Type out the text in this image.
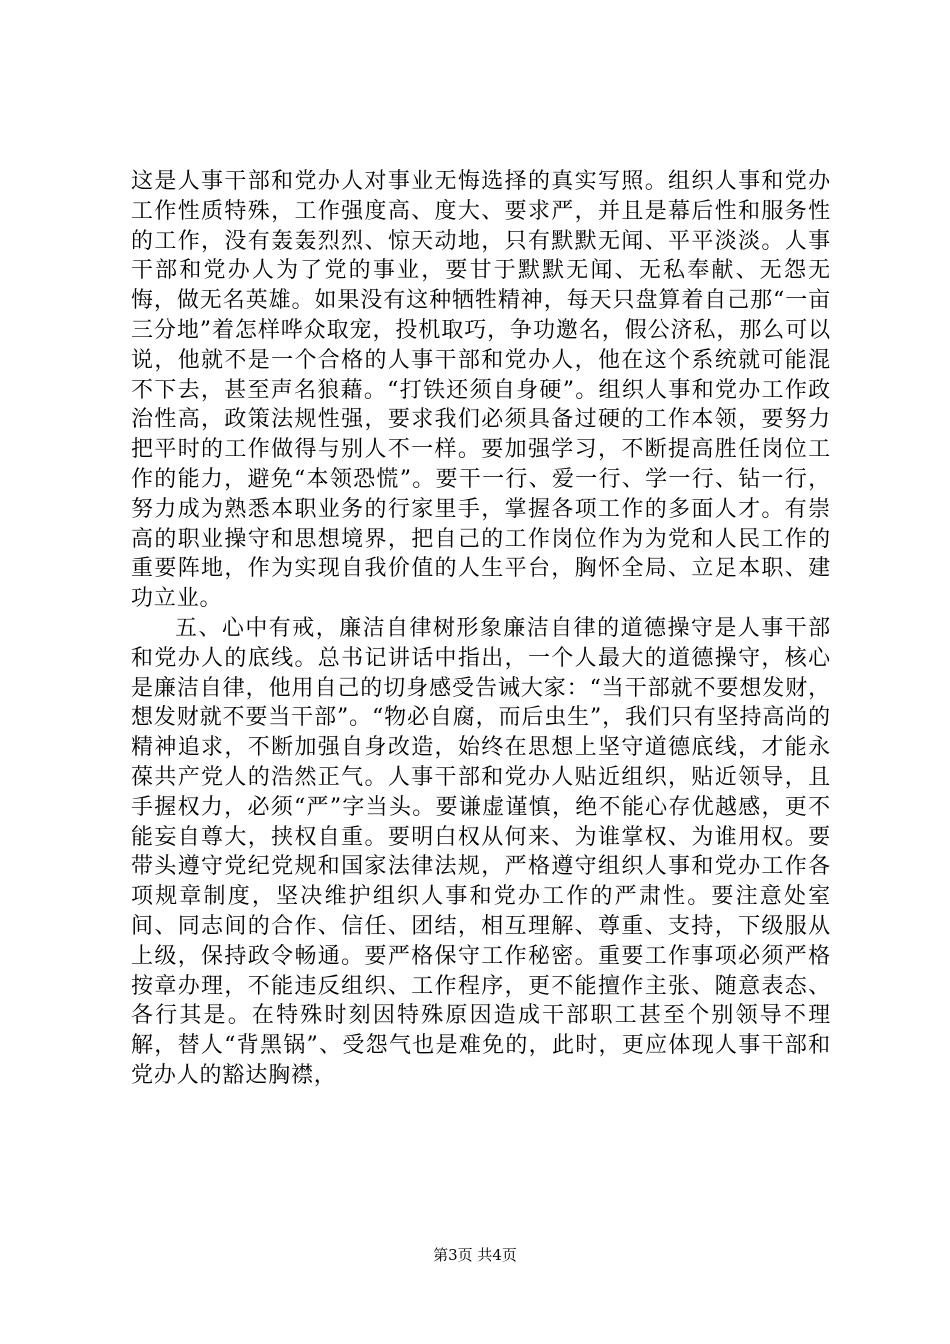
这是人事干部和党办人对事业无悔选择的真实写照。组织人事和党办工作性质特殊，工作强度高、度大、要求严，并且是幕后性和服务性的工作，没有轰轰烈烈、惊天动地，只有默默无闻、平平淡淡。人事干部和党办人为了党的事业，要甘于默默无闻、无私奉献、无怨无悔，做无名英雄。如果没有这种牺牲精神，每天只盘算着自己那“一亩三分地”着怎样哗众取宠，投机取巧，争功邀名，假公济私，那么可以说，他就不是一个合格的人事干部和党办人，他在这个系统就可能混不下去，甚至声名狼藉。“打铁还须自身硬”。组织人事和党办工作政治性高，政策法规性强，要求我们必须具备过硬的工作本领，要努力把平时的工作做得与别人不一样。要加强学习，不断提高胜任岗位工作的能力，避免“本领恐慌”。要干一行、爱一行、学一行、钻一行，努力成为熟悉本职业务的行家里手，掌握各项工作的多面人才。有崇高的职业操守和思想境界，把自己的工作岗位作为为党和人民工作的重要阵地，作为实现自我价值的人生平台，胸怀全局、立足本职、建功立业。

五、心中有戒，廉洁自律树形象廉洁自律的道德操守是人事干部和党办人的底线。总书记讲话中指出，一个人最大的道德操守，核心是廉洁自律，他用自己的切身感受告诫大家：“当干部就不要想发财，想发财就不要当干部”。“物必自腐，而后虫生”，我们只有坚持高尚的精神追求，不断加强自身改造，始终在思想上坚守道德底线，才能永葆共产党人的浩然正气。人事干部和党办人贴近组织，贴近领导，且手握权力，必须“严”字当头。要谦虚谨慎，绝不能心存优越感，更不能妄自尊大，挟权自重。要明白权从何来、为谁掌权、为谁用权。要带头遵守党纪党规和国家法律法规，严格遵守组织人事和党办工作各项规章制度，坚决维护组织人事和党办工作的严肃性。要注意处室间、同志间的合作、信任、团结，相互理解、尊重、支持，下级服从上级，保持政令畅通。要严格保守工作秘密。重要工作事项必须严格按章办理，不能违反组织、工作程序，更不能擅作主张、随意表态、各行其是。在特殊时刻因特殊原因造成干部职工甚至个别领导不理解，替人“背黑锅”、受怨气也是难免的，此时，更应体现人事干部和党办人的豁达胸襟，

第3页 共4页
